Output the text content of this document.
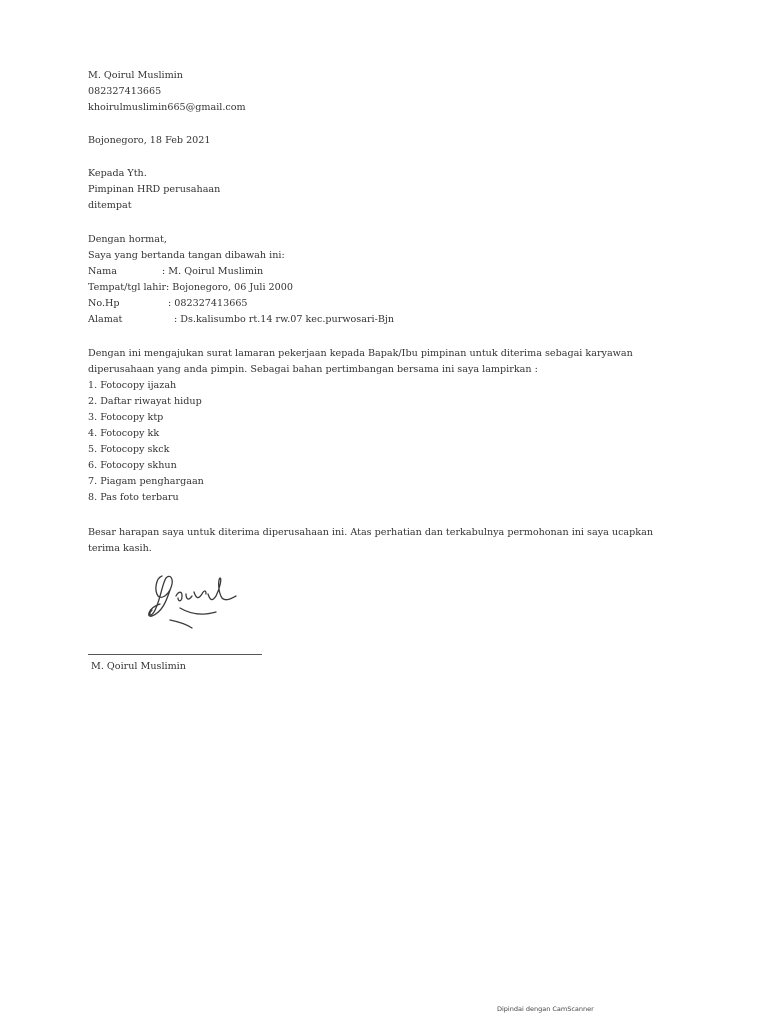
M. Qoirul Muslimin
082327413665
khoirulmuslimin665@gmail.com
Bojonegoro, 18 Feb 2021
Kepada Yth.
Pimpinan HRD perusahaan
ditempat
Dengan hormat,
Saya yang bertanda tangan dibawah ini:
Nama	: M. Qoirul Muslimin
Tempat/tgl lahir : Bojonegoro, 06 Juli 2000
No.Hp	: 082327413665
Alamat	: Ds.kalisumbo rt.14 rw.07 kec.purwosari-Bjn
Dengan ini mengajukan surat lamaran pekerjaan kepada Bapak/Ibu pimpinan untuk diterima sebagai karyawan
diperusahaan yang anda pimpin. Sebagai bahan pertimbangan bersama ini saya lampirkan :
1. Fotocopy ijazah
2. Daftar riwayat hidup
3. Fotocopy ktp
4. Fotocopy kk
5. Fotocopy skck
6. Fotocopy skhun
7. Piagam penghargaan
8. Pas foto terbaru
Besar harapan saya untuk diterima diperusahaan ini. Atas perhatian dan terkabulnya permohonan ini saya ucapkan
terima kasih.
M. Qoirul Muslimin
Dipindai dengan CamScanner
